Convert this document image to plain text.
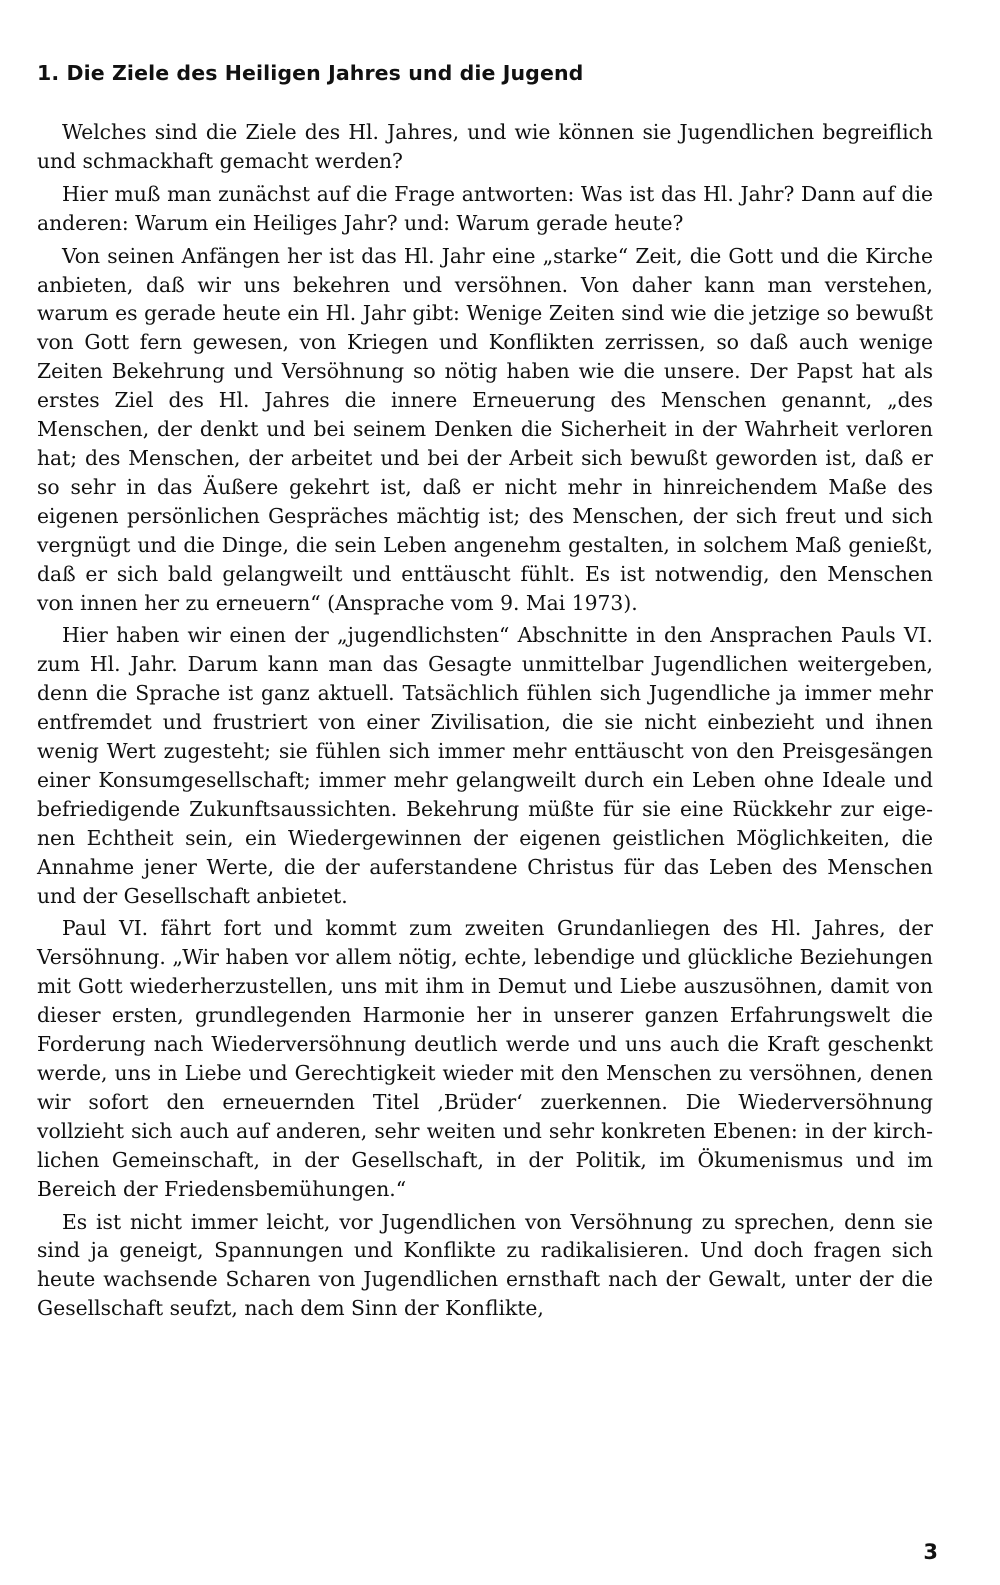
1. Die Ziele des Heiligen Jahres und die Jugend

Welches sind die Ziele des Hl. Jahres, und wie können sie Jugendlichen begreiflich und schmackhaft gemacht werden?

Hier muß man zunächst auf die Frage antworten: Was ist das Hl. Jahr? Dann auf die anderen: Warum ein Heiliges Jahr? und: Warum gerade heute?

Von seinen Anfängen her ist das Hl. Jahr eine „starke“ Zeit, die Gott und die Kirche anbieten, daß wir uns bekehren und versöhnen. Von daher kann man verstehen, warum es gerade heute ein Hl. Jahr gibt: Wenige Zeiten sind wie die jetzige so bewußt von Gott fern gewesen, von Kriegen und Konflikten zerrissen, so daß auch wenige Zeiten Bekehrung und Versöhnung so nötig haben wie die unsere. Der Papst hat als erstes Ziel des Hl. Jahres die innere Erneuerung des Menschen genannt, „des Menschen, der denkt und bei seinem Denken die Sicherheit in der Wahrheit verloren hat; des Menschen, der arbeitet und bei der Arbeit sich bewußt geworden ist, daß er so sehr in das Äußere gekehrt ist, daß er nicht mehr in hinreichendem Maße des eigenen persönlichen Gespräches mächtig ist; des Menschen, der sich freut und sich vergnügt und die Dinge, die sein Leben angenehm gestalten, in solchem Maß genießt, daß er sich bald gelangweilt und enttäuscht fühlt. Es ist notwendig, den Menschen von innen her zu erneuern“ (Ansprache vom 9. Mai 1973).

Hier haben wir einen der „jugendlichsten“ Abschnitte in den Ansprachen Pauls VI. zum Hl. Jahr. Darum kann man das Gesagte unmittelbar Jugendlichen weitergeben, denn die Sprache ist ganz aktuell. Tatsächlich fühlen sich Jugendliche ja immer mehr entfremdet und frustriert von einer Zivilisation, die sie nicht einbezieht und ihnen wenig Wert zugesteht; sie fühlen sich immer mehr enttäuscht von den Preisgesängen einer Konsumgesellschaft; immer mehr gelangweilt durch ein Leben ohne Ideale und befriedigende Zukunftsaussichten. Bekehrung müßte für sie eine Rückkehr zur eigenen Echtheit sein, ein Wiedergewinnen der eigenen geistlichen Möglichkeiten, die Annahme jener Werte, die der auferstandene Christus für das Leben des Menschen und der Gesellschaft anbietet.

Paul VI. fährt fort und kommt zum zweiten Grundanliegen des Hl. Jahres, der Versöhnung. „Wir haben vor allem nötig, echte, lebendige und glückliche Beziehungen mit Gott wiederherzustellen, uns mit ihm in Demut und Liebe auszusöhnen, damit von dieser ersten, grundlegenden Harmonie her in unserer ganzen Erfahrungswelt die Forderung nach Wiederversöhnung deutlich werde und uns auch die Kraft geschenkt werde, uns in Liebe und Gerechtigkeit wieder mit den Menschen zu versöhnen, denen wir sofort den erneuernden Titel ‚Brüder‘ zuerkennen. Die Wiederversöhnung vollzieht sich auch auf anderen, sehr weiten und sehr konkreten Ebenen: in der kirchlichen Gemeinschaft, in der Gesellschaft, in der Politik, im Ökumenismus und im Bereich der Friedensbemühungen.“

Es ist nicht immer leicht, vor Jugendlichen von Versöhnung zu sprechen, denn sie sind ja geneigt, Spannungen und Konflikte zu radikalisieren. Und doch fragen sich heute wachsende Scharen von Jugendlichen ernsthaft nach der Gewalt, unter der die Gesellschaft seufzt, nach dem Sinn der Konflikte,

3
